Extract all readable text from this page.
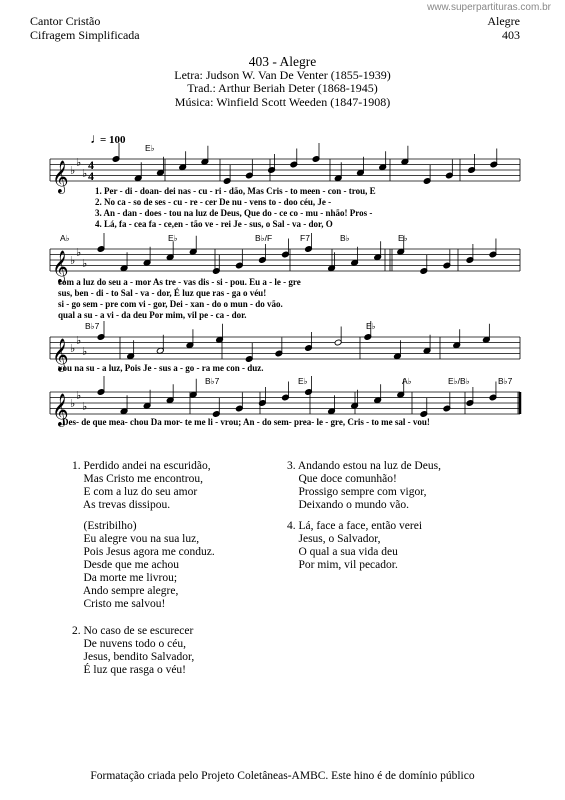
www.superpartituras.com.br
Cantor Cristão
Cifragem Simplificada
Alegre
403
403 - Alegre
Letra: Judson W. Van De Venter (1855-1939)
Trad.: Arthur Beriah Deter (1868-1945)
Música: Winfield Scott Weeden (1847-1908)
𝄞 ♭
♭
♭
4
4
𝄞 ♭
♭
♭
𝄞 ♭
♭
♭
𝄞 ♭
♭
♭
E♭
A♭	E♭	B♭/F	F7	B♭	E♭
B♭7	E♭
B♭7	E♭	A♭	E♭/B♭	B♭7
1. Per - di - doan- dei nas - cu - ri - dão, Mas Cris - to meen - con - trou, E
2. No ca - so de ses - cu - re - cer De nu - vens to - doo céu, Je -
3. An - dan - does - tou na luz de Deus, Que do - ce co - mu - nhão! Pros -
4. Lá, fa - cea fa - ce,en - tão ve - rei Je - sus, o Sal - va - dor, O
com a luz do seu a - mor As tre - vas dis - si - pou. Eu a - le - gre
sus, ben - di - to Sal - va - dor, É luz que ras - ga o véu!
si - go sem - pre com vi - gor, Dei - xan - do o mun - do vão.
qual a su - a vi - da deu Por mim, vil pe - ca - dor.
vou na su - a luz, Pois Je - sus a - go - ra me con - duz.
Des- de que mea- chou Da mor- te me li - vrou; An - do sem- prea- le - gre, Cris - to me sal - vou!
♩
= 100
1. Perdido andei na escuridão,
Mas Cristo me encontrou,
E com a luz do seu amor
As trevas dissipou.
(Estribilho)
Eu alegre vou na sua luz,
Pois Jesus agora me conduz.
Desde que me achou
Da morte me livrou;
Ando sempre alegre,
Cristo me salvou!
2. No caso de se escurecer
De nuvens todo o céu,
Jesus, bendito Salvador,
É luz que rasga o véu!
3. Andando estou na luz de Deus,
Que doce comunhão!
Prossigo sempre com vigor,
Deixando o mundo vão.
4. Lá, face a face, então verei
Jesus, o Salvador,
O qual a sua vida deu
Por mim, vil pecador.
Formatação criada pelo Projeto Coletâneas-AMBC. Este hino é de domínio público
